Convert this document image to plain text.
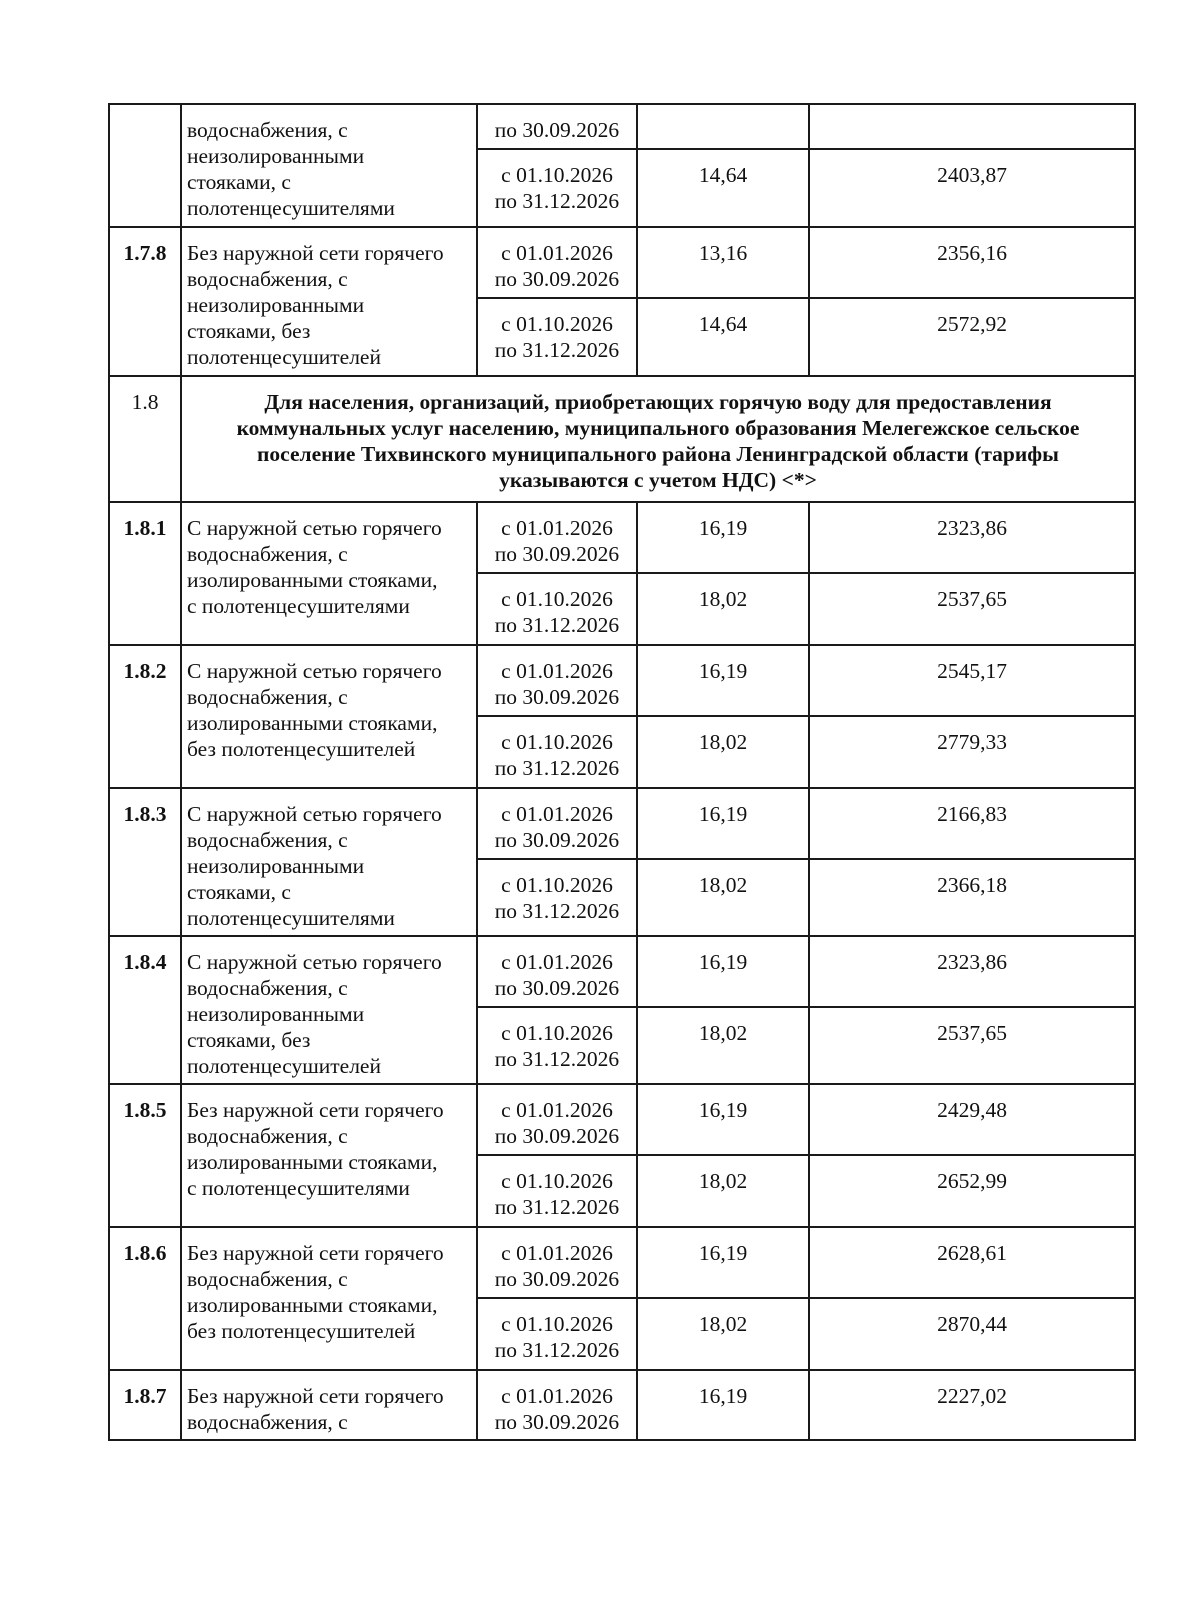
	водоснабжения, с
неизолированными
стояками, с
полотенцесушителями	по 30.09.2026		

		с 01.10.2026
по 31.12.2026	14,64	2403,87
1.7.8	Без наружной сети горячего
водоснабжения, с
неизолированными
стояками, без
полотенцесушителей	с 01.01.2026
по 30.09.2026	13,16	2356,16

		с 01.10.2026
по 31.12.2026	14,64	2572,92
1.8	Для населения, организаций, приобретающих горячую воду для предоставления коммунальных услуг населению, муниципального образования Мелегежское сельское поселение Тихвинского муниципального района Ленинградской области (тарифы указываются с учетом НДС) <*>			
1.8.1	С наружной сетью горячего
водоснабжения, с
изолированными стояками,
с полотенцесушителями	с 01.01.2026
по 30.09.2026	16,19	2323,86

		с 01.10.2026
по 31.12.2026	18,02	2537,65
1.8.2	С наружной сетью горячего
водоснабжения, с
изолированными стояками,
без полотенцесушителей	с 01.01.2026
по 30.09.2026	16,19	2545,17

		с 01.10.2026
по 31.12.2026	18,02	2779,33
1.8.3	С наружной сетью горячего
водоснабжения, с
неизолированными
стояками, с
полотенцесушителями	с 01.01.2026
по 30.09.2026	16,19	2166,83

		с 01.10.2026
по 31.12.2026	18,02	2366,18
1.8.4	С наружной сетью горячего
водоснабжения, с
неизолированными
стояками, без
полотенцесушителей	с 01.01.2026
по 30.09.2026	16,19	2323,86

		с 01.10.2026
по 31.12.2026	18,02	2537,65
1.8.5	Без наружной сети горячего
водоснабжения, с
изолированными стояками,
с полотенцесушителями	с 01.01.2026
по 30.09.2026	16,19	2429,48

		с 01.10.2026
по 31.12.2026	18,02	2652,99
1.8.6	Без наружной сети горячего
водоснабжения, с
изолированными стояками,
без полотенцесушителей	с 01.01.2026
по 30.09.2026	16,19	2628,61

		с 01.10.2026
по 31.12.2026	18,02	2870,44
1.8.7	Без наружной сети горячего
водоснабжения, с	с 01.01.2026
по 30.09.2026	16,19	2227,02
